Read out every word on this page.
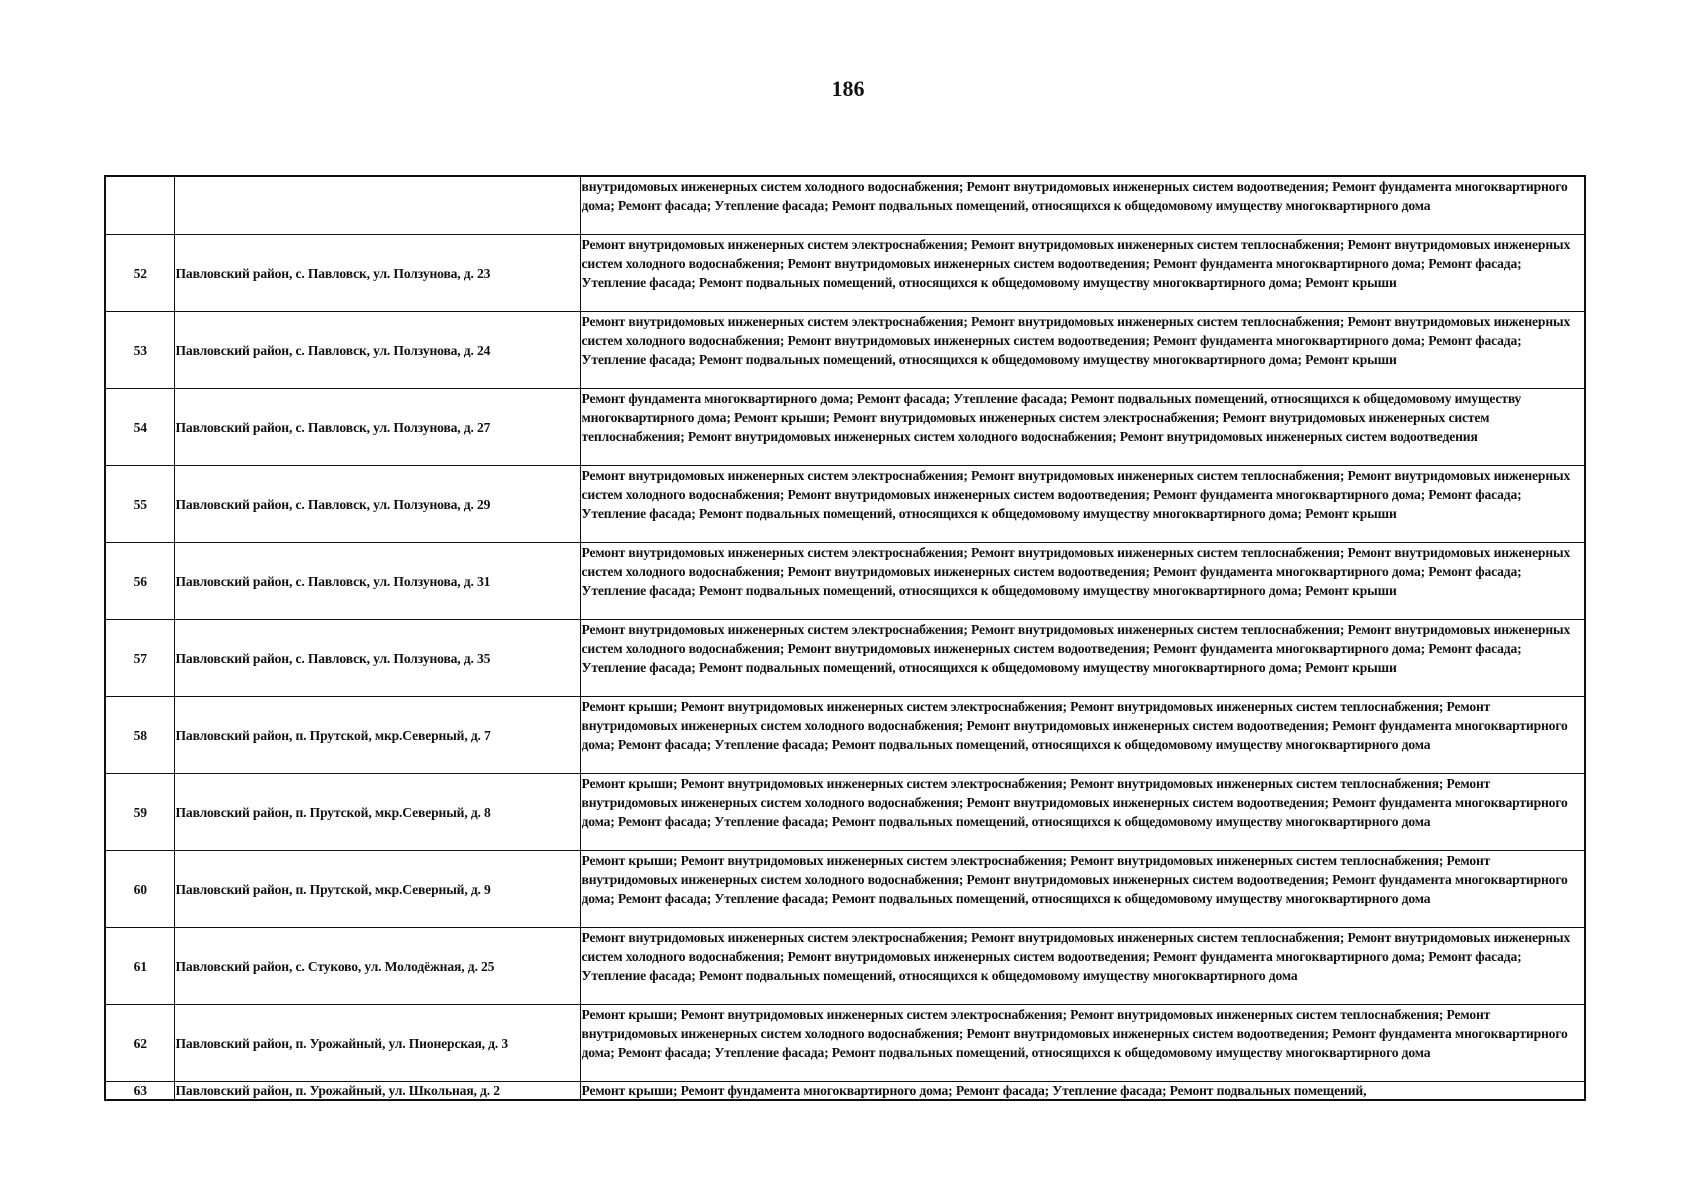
186

		внутридомовых инженерных систем холодного водоснабжения; Ремонт внутридомовых инженерных систем водоотведения; Ремонт фундамента многоквартирного дома; Ремонт фасада; Утепление фасада; Ремонт подвальных помещений, относящихся к общедомовому имуществу многоквартирного дома

52	Павловский район, с. Павловск, ул. Ползунова, д. 23	Ремонт внутридомовых инженерных систем электроснабжения; Ремонт внутридомовых инженерных систем теплоснабжения; Ремонт внутридомовых инженерных систем холодного водоснабжения; Ремонт внутридомовых инженерных систем водоотведения; Ремонт фундамента многоквартирного дома; Ремонт фасада; Утепление фасада; Ремонт подвальных помещений, относящихся к общедомовому имуществу многоквартирного дома; Ремонт крыши

53	Павловский район, с. Павловск, ул. Ползунова, д. 24	Ремонт внутридомовых инженерных систем электроснабжения; Ремонт внутридомовых инженерных систем теплоснабжения; Ремонт внутридомовых инженерных систем холодного водоснабжения; Ремонт внутридомовых инженерных систем водоотведения; Ремонт фундамента многоквартирного дома; Ремонт фасада; Утепление фасада; Ремонт подвальных помещений, относящихся к общедомовому имуществу многоквартирного дома; Ремонт крыши

54	Павловский район, с. Павловск, ул. Ползунова, д. 27	Ремонт фундамента многоквартирного дома; Ремонт фасада; Утепление фасада; Ремонт подвальных помещений, относящихся к общедомовому имуществу многоквартирного дома; Ремонт крыши; Ремонт внутридомовых инженерных систем электроснабжения; Ремонт внутридомовых инженерных систем теплоснабжения; Ремонт внутридомовых инженерных систем холодного водоснабжения; Ремонт внутридомовых инженерных систем водоотведения

55	Павловский район, с. Павловск, ул. Ползунова, д. 29	Ремонт внутридомовых инженерных систем электроснабжения; Ремонт внутридомовых инженерных систем теплоснабжения; Ремонт внутридомовых инженерных систем холодного водоснабжения; Ремонт внутридомовых инженерных систем водоотведения; Ремонт фундамента многоквартирного дома; Ремонт фасада; Утепление фасада; Ремонт подвальных помещений, относящихся к общедомовому имуществу многоквартирного дома; Ремонт крыши

56	Павловский район, с. Павловск, ул. Ползунова, д. 31	Ремонт внутридомовых инженерных систем электроснабжения; Ремонт внутридомовых инженерных систем теплоснабжения; Ремонт внутридомовых инженерных систем холодного водоснабжения; Ремонт внутридомовых инженерных систем водоотведения; Ремонт фундамента многоквартирного дома; Ремонт фасада; Утепление фасада; Ремонт подвальных помещений, относящихся к общедомовому имуществу многоквартирного дома; Ремонт крыши

57	Павловский район, с. Павловск, ул. Ползунова, д. 35	Ремонт внутридомовых инженерных систем электроснабжения; Ремонт внутридомовых инженерных систем теплоснабжения; Ремонт внутридомовых инженерных систем холодного водоснабжения; Ремонт внутридомовых инженерных систем водоотведения; Ремонт фундамента многоквартирного дома; Ремонт фасада; Утепление фасада; Ремонт подвальных помещений, относящихся к общедомовому имуществу многоквартирного дома; Ремонт крыши

58	Павловский район, п. Прутской, мкр.Северный, д. 7	Ремонт крыши; Ремонт внутридомовых инженерных систем электроснабжения; Ремонт внутридомовых инженерных систем теплоснабжения; Ремонт внутридомовых инженерных систем холодного водоснабжения; Ремонт внутридомовых инженерных систем водоотведения; Ремонт фундамента многоквартирного дома; Ремонт фасада; Утепление фасада; Ремонт подвальных помещений, относящихся к общедомовому имуществу многоквартирного дома

59	Павловский район, п. Прутской, мкр.Северный, д. 8	Ремонт крыши; Ремонт внутридомовых инженерных систем электроснабжения; Ремонт внутридомовых инженерных систем теплоснабжения; Ремонт внутридомовых инженерных систем холодного водоснабжения; Ремонт внутридомовых инженерных систем водоотведения; Ремонт фундамента многоквартирного дома; Ремонт фасада; Утепление фасада; Ремонт подвальных помещений, относящихся к общедомовому имуществу многоквартирного дома

60	Павловский район, п. Прутской, мкр.Северный, д. 9	Ремонт крыши; Ремонт внутридомовых инженерных систем электроснабжения; Ремонт внутридомовых инженерных систем теплоснабжения; Ремонт внутридомовых инженерных систем холодного водоснабжения; Ремонт внутридомовых инженерных систем водоотведения; Ремонт фундамента многоквартирного дома; Ремонт фасада; Утепление фасада; Ремонт подвальных помещений, относящихся к общедомовому имуществу многоквартирного дома

61	Павловский район, с. Стуково, ул. Молодёжная, д. 25	Ремонт внутридомовых инженерных систем электроснабжения; Ремонт внутридомовых инженерных систем теплоснабжения; Ремонт внутридомовых инженерных систем холодного водоснабжения; Ремонт внутридомовых инженерных систем водоотведения; Ремонт фундамента многоквартирного дома; Ремонт фасада; Утепление фасада; Ремонт подвальных помещений, относящихся к общедомовому имуществу многоквартирного дома

62	Павловский район, п. Урожайный, ул. Пионерская, д. 3	Ремонт крыши; Ремонт внутридомовых инженерных систем электроснабжения; Ремонт внутридомовых инженерных систем теплоснабжения; Ремонт внутридомовых инженерных систем холодного водоснабжения; Ремонт внутридомовых инженерных систем водоотведения; Ремонт фундамента многоквартирного дома; Ремонт фасада; Утепление фасада; Ремонт подвальных помещений, относящихся к общедомовому имуществу многоквартирного дома

63	Павловский район, п. Урожайный, ул. Школьная, д. 2	Ремонт крыши; Ремонт фундамента многоквартирного дома; Ремонт фасада; Утепление фасада; Ремонт подвальных помещений,
